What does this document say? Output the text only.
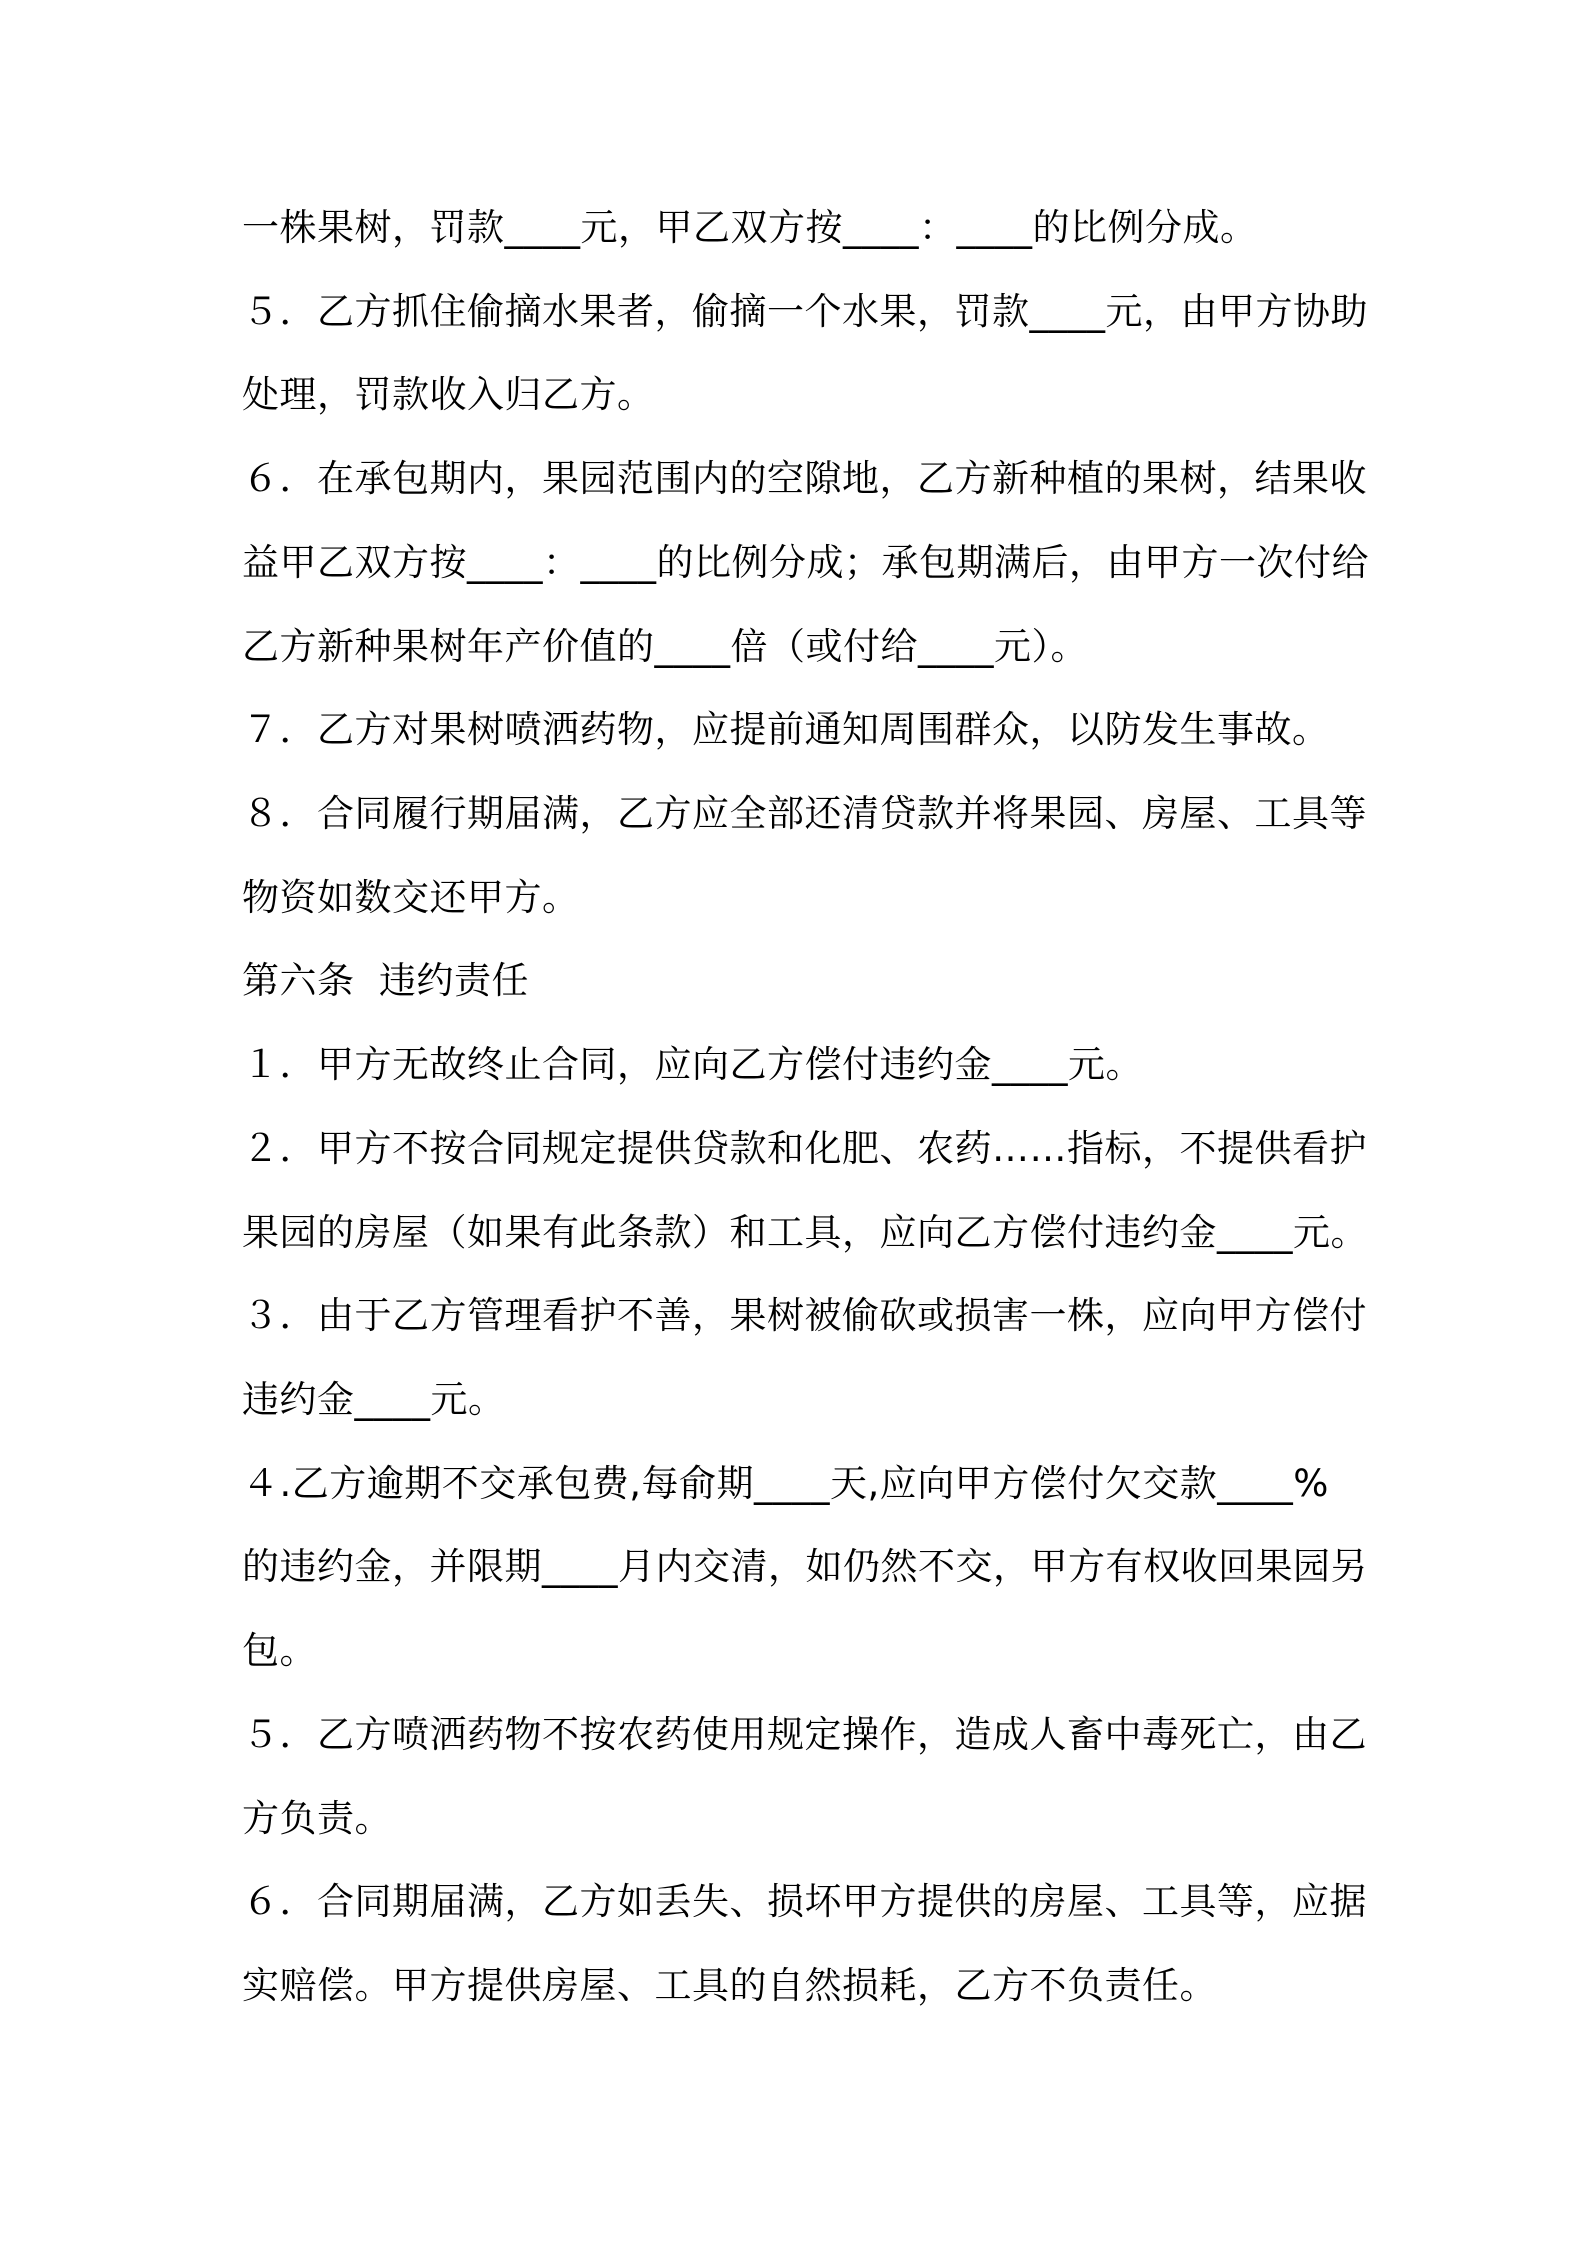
一株果树，罚款____元，甲乙双方按____：____的比例分成。
５．乙方抓住偷摘水果者，偷摘一个水果，罚款____元，由甲方协助
处理，罚款收入归乙方。
６．在承包期内，果园范围内的空隙地，乙方新种植的果树，结果收
益甲乙双方按____：____的比例分成；承包期满后，由甲方一次付给
乙方新种果树年产价值的____倍（或付给____元）。
７．乙方对果树喷洒药物，应提前通知周围群众，以防发生事故。
８．合同履行期届满，乙方应全部还清贷款并将果园、房屋、工具等
物资如数交还甲方。
第六条  违约责任
１．甲方无故终止合同，应向乙方偿付违约金____元。
２．甲方不按合同规定提供贷款和化肥、农药……指标，不提供看护
果园的房屋（如果有此条款）和工具，应向乙方偿付违约金____元。
３．由于乙方管理看护不善，果树被偷砍或损害一株，应向甲方偿付
违约金____元。
４.乙方逾期不交承包费,每俞期____天,应向甲方偿付欠交款____%
的违约金，并限期____月内交清，如仍然不交，甲方有权收回果园另
包。
５．乙方喷洒药物不按农药使用规定操作，造成人畜中毒死亡，由乙
方负责。
６．合同期届满，乙方如丢失、损坏甲方提供的房屋、工具等，应据
实赔偿。甲方提供房屋、工具的自然损耗，乙方不负责任。
